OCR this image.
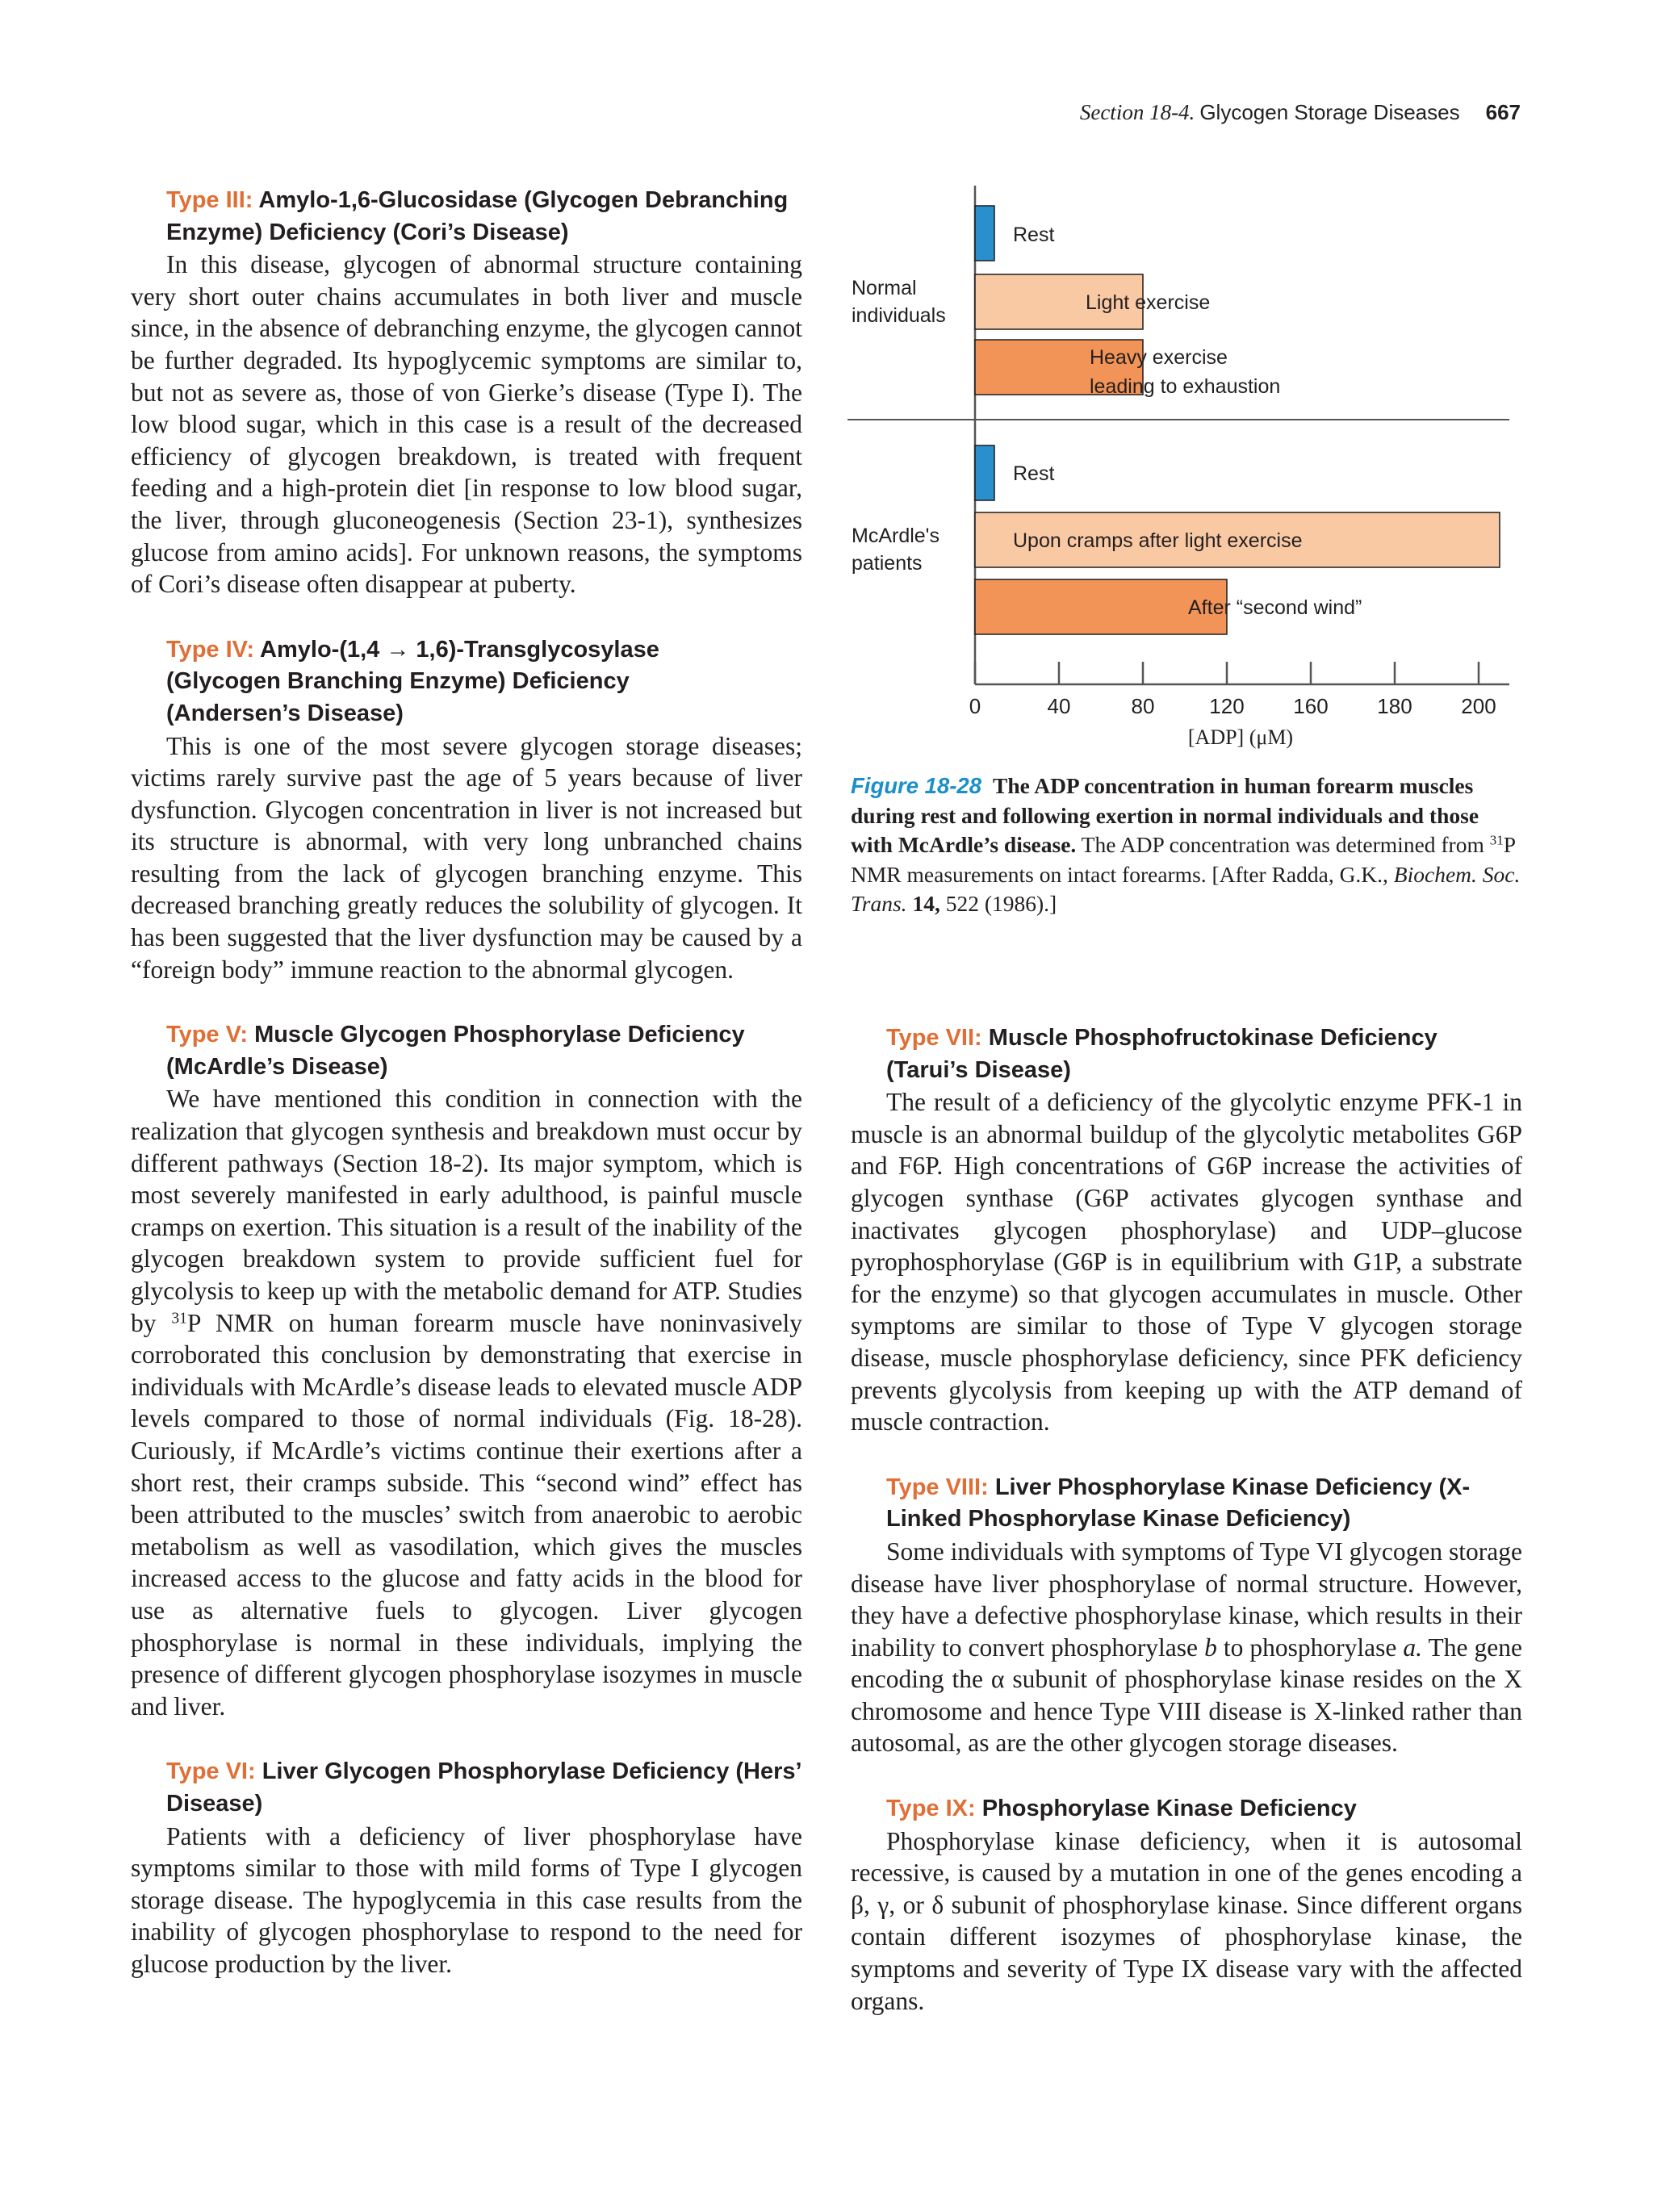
Section 18-4. Glycogen Storage Diseases 667
Type III: Amylo-1,6-Glucosidase (Glycogen Debranching Enzyme) Deficiency (Cori’s Disease)

In this disease, glycogen of abnormal structure containing very short outer chains accumulates in both liver and muscle since, in the absence of debranching enzyme, the glycogen cannot be further degraded. Its hypoglycemic symptoms are similar to, but not as severe as, those of von Gierke’s disease (Type I). The low blood sugar, which in this case is a result of the decreased efficiency of glycogen breakdown, is treated with frequent feeding and a high-protein diet [in response to low blood sugar, the liver, through gluconeogenesis (Section 23-1), synthesizes glucose from amino acids]. For unknown reasons, the symptoms of Cori’s disease often disappear at puberty.

Type IV: Amylo-(1,4 → 1,6)-Transglycosylase
(Glycogen Branching Enzyme) Deficiency
(Andersen’s Disease)

This is one of the most severe glycogen storage diseases; victims rarely survive past the age of 5 years because of liver dysfunction. Glycogen concentration in liver is not increased but its structure is abnormal, with very long unbranched chains resulting from the lack of glycogen branching enzyme. This decreased branching greatly reduces the solubility of glycogen. It has been suggested that the liver dysfunction may be caused by a “foreign body” immune reaction to the abnormal glycogen.

Type V: Muscle Glycogen Phosphorylase Deficiency (McArdle’s Disease)

We have mentioned this condition in connection with the realization that glycogen synthesis and breakdown must occur by different pathways (Section 18-2). Its major symptom, which is most severely manifested in early adulthood, is painful muscle cramps on exertion. This situation is a result of the inability of the glycogen breakdown system to provide sufficient fuel for glycolysis to keep up with the metabolic demand for ATP. Studies by $^{31}$P NMR on human forearm muscle have noninvasively corroborated this conclusion by demonstrating that exercise in individuals with McArdle’s disease leads to elevated muscle ADP levels compared to those of normal individuals (Fig. 18-28). Curiously, if McArdle’s victims continue their exertions after a short rest, their cramps subside. This “second wind” effect has been attributed to the muscles’ switch from anaerobic to aerobic metabolism as well as vasodilation, which gives the muscles increased access to the glucose and fatty acids in the blood for use as alternative fuels to glycogen. Liver glycogen phosphorylase is normal in these individuals, implying the presence of different glycogen phosphorylase isozymes in muscle and liver.

Type VI: Liver Glycogen Phosphorylase Deficiency (Hers’ Disease)

Patients with a deficiency of liver phosphorylase have symptoms similar to those with mild forms of Type I glycogen storage disease. The hypoglycemia in this case results from the inability of glycogen phosphorylase to respond to the need for glucose production by the liver.

Normal
individuals
McArdle's
patients
Rest
Light exercise
Heavy exercise
leading to exhaustion
Rest
Upon cramps after light exercise
After “second wind”
0	40	80	120 160 180 200
[ADP] (μM)
Figure 18-28 The ADP concentration in human forearm muscles during rest and following exertion in normal individuals and those with McArdle’s disease. The ADP concentration was determined from $^{31}$P NMR measurements on intact forearms. [After Radda, G.K., Biochem. Soc. Trans. 14, 522 (1986).]
Type VII: Muscle Phosphofructokinase Deficiency (Tarui’s Disease)

The result of a deficiency of the glycolytic enzyme PFK-1 in muscle is an abnormal buildup of the glycolytic metabolites G6P and F6P. High concentrations of G6P increase the activities of glycogen synthase (G6P activates glycogen synthase and inactivates glycogen phosphorylase) and UDP–glucose pyrophosphorylase (G6P is in equilibrium with G1P, a substrate for the enzyme) so that glycogen accumulates in muscle. Other symptoms are similar to those of Type V glycogen storage disease, muscle phosphorylase deficiency, since PFK deficiency prevents glycolysis from keeping up with the ATP demand of muscle contraction.

Type VIII: Liver Phosphorylase Kinase Deficiency (X-Linked Phosphorylase Kinase Deficiency)

Some individuals with symptoms of Type VI glycogen storage disease have liver phosphorylase of normal structure. However, they have a defective phosphorylase kinase, which results in their inability to convert phosphorylase b to phosphorylase a. The gene encoding the α subunit of phosphorylase kinase resides on the X chromosome and hence Type VIII disease is X-linked rather than autosomal, as are the other glycogen storage diseases.

Type IX: Phosphorylase Kinase Deficiency

Phosphorylase kinase deficiency, when it is autosomal recessive, is caused by a mutation in one of the genes encoding a β, γ, or δ subunit of phosphorylase kinase. Since different organs contain different isozymes of phosphorylase kinase, the symptoms and severity of Type IX disease vary with the affected organs.
